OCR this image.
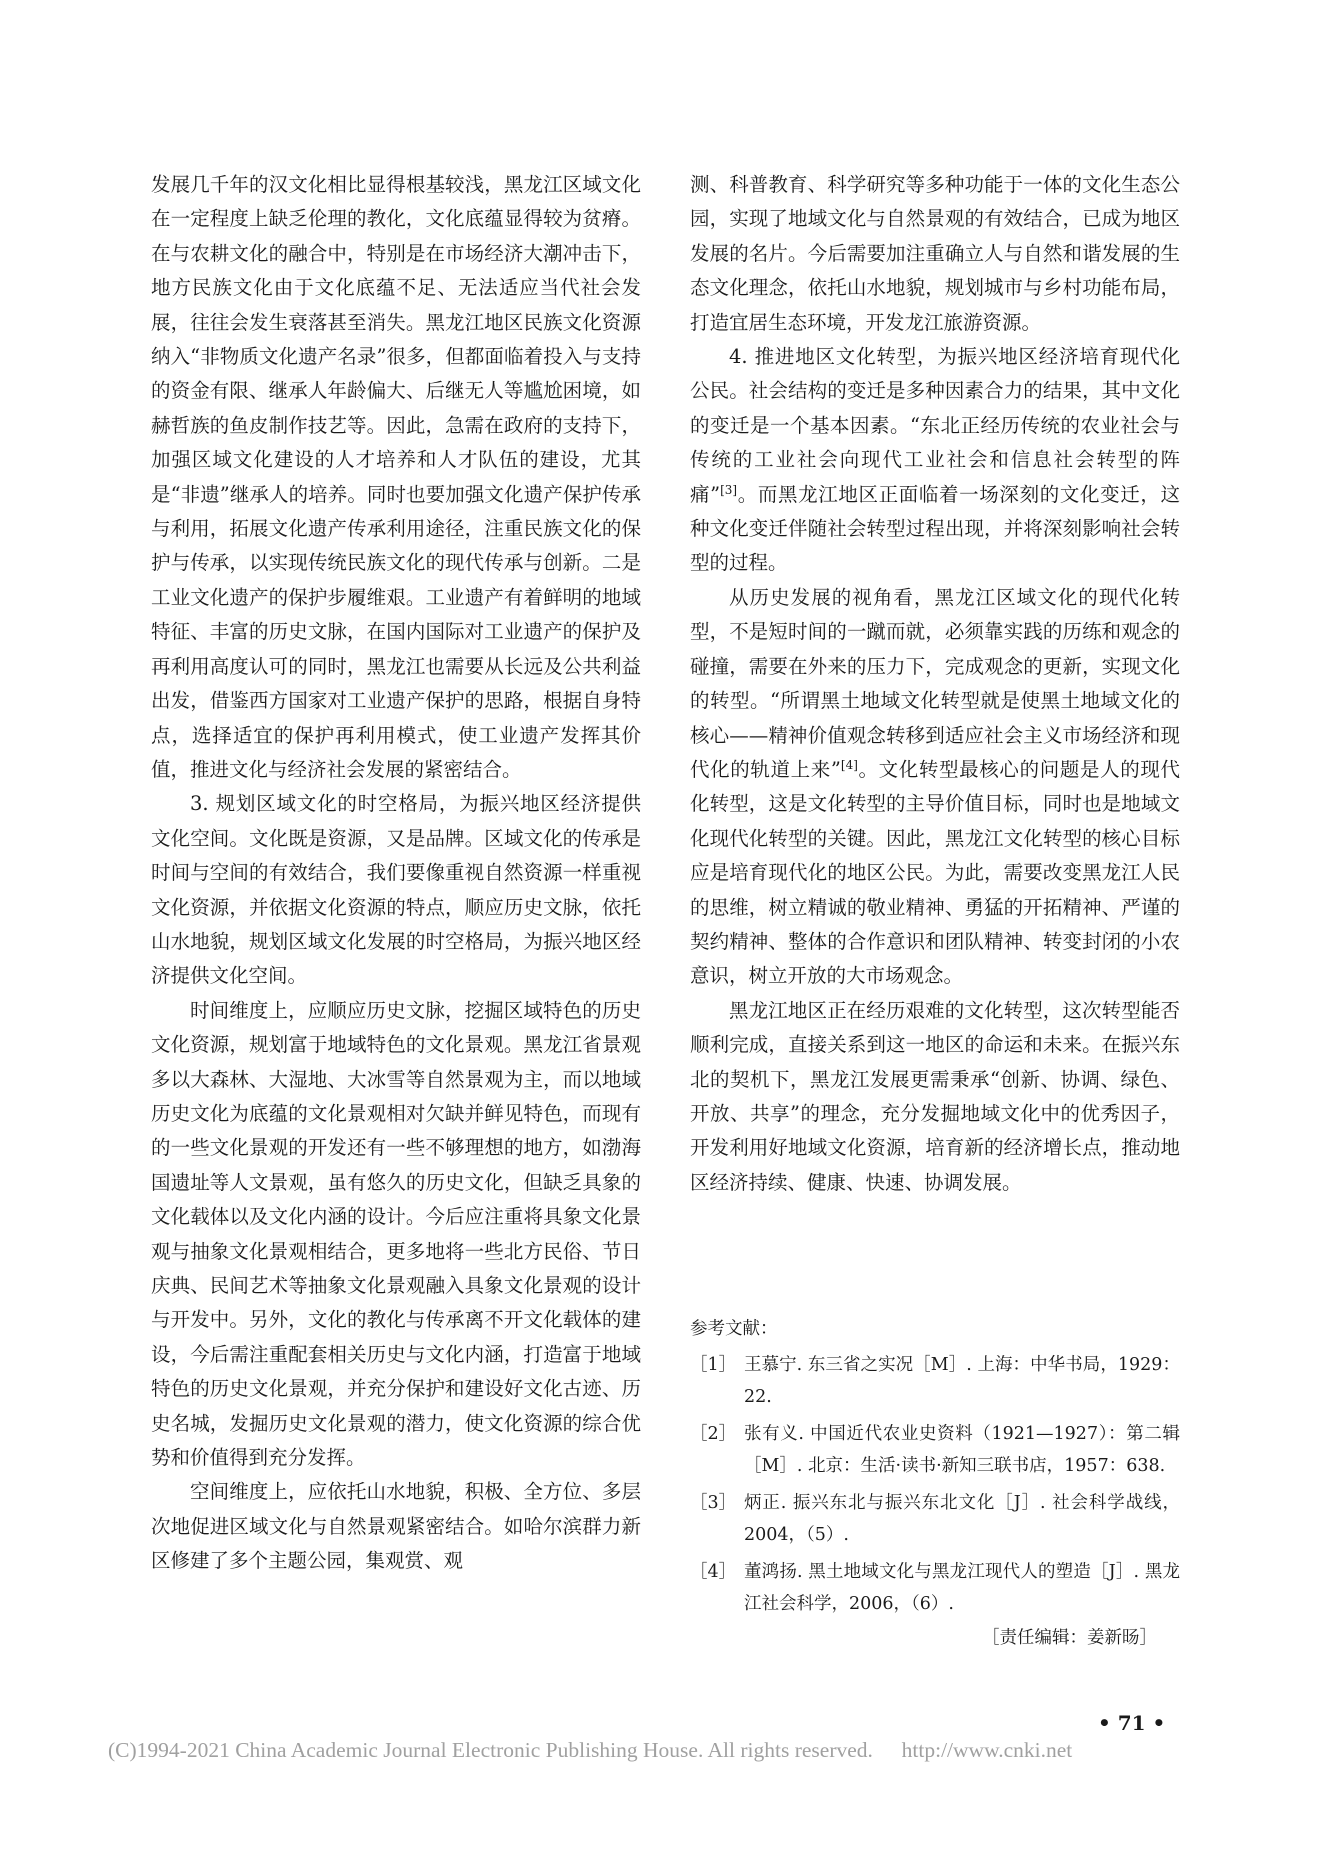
发展几千年的汉文化相比显得根基较浅，黑龙江区域文化在一定程度上缺乏伦理的教化，文化底蕴显得较为贫瘠。在与农耕文化的融合中，特别是在市场经济大潮冲击下，地方民族文化由于文化底蕴不足、无法适应当代社会发展，往往会发生衰落甚至消失。黑龙江地区民族文化资源纳入“非物质文化遗产名录”很多，但都面临着投入与支持的资金有限、继承人年龄偏大、后继无人等尴尬困境，如赫哲族的鱼皮制作技艺等。因此，急需在政府的支持下，加强区域文化建设的人才培养和人才队伍的建设，尤其是“非遗”继承人的培养。同时也要加强文化遗产保护传承与利用，拓展文化遗产传承利用途径，注重民族文化的保护与传承，以实现传统民族文化的现代传承与创新。二是工业文化遗产的保护步履维艰。工业遗产有着鲜明的地域特征、丰富的历史文脉，在国内国际对工业遗产的保护及再利用高度认可的同时，黑龙江也需要从长远及公共利益出发，借鉴西方国家对工业遗产保护的思路，根据自身特点，选择适宜的保护再利用模式，使工业遗产发挥其价值，推进文化与经济社会发展的紧密结合。

3. 规划区域文化的时空格局，为振兴地区经济提供文化空间。文化既是资源，又是品牌。区域文化的传承是时间与空间的有效结合，我们要像重视自然资源一样重视文化资源，并依据文化资源的特点，顺应历史文脉，依托山水地貌，规划区域文化发展的时空格局，为振兴地区经济提供文化空间。

时间维度上，应顺应历史文脉，挖掘区域特色的历史文化资源，规划富于地域特色的文化景观。黑龙江省景观多以大森林、大湿地、大冰雪等自然景观为主，而以地域历史文化为底蕴的文化景观相对欠缺并鲜见特色，而现有的一些文化景观的开发还有一些不够理想的地方，如渤海国遗址等人文景观，虽有悠久的历史文化，但缺乏具象的文化载体以及文化内涵的设计。今后应注重将具象文化景观与抽象文化景观相结合，更多地将一些北方民俗、节日庆典、民间艺术等抽象文化景观融入具象文化景观的设计与开发中。另外，文化的教化与传承离不开文化载体的建设，今后需注重配套相关历史与文化内涵，打造富于地域特色的历史文化景观，并充分保护和建设好文化古迹、历史名城，发掘历史文化景观的潜力，使文化资源的综合优势和价值得到充分发挥。

空间维度上，应依托山水地貌，积极、全方位、多层次地促进区域文化与自然景观紧密结合。如哈尔滨群力新区修建了多个主题公园，集观赏、观

测、科普教育、科学研究等多种功能于一体的文化生态公园，实现了地域文化与自然景观的有效结合，已成为地区发展的名片。今后需要加注重确立人与自然和谐发展的生态文化理念，依托山水地貌，规划城市与乡村功能布局，打造宜居生态环境，开发龙江旅游资源。

4. 推进地区文化转型，为振兴地区经济培育现代化公民。社会结构的变迁是多种因素合力的结果，其中文化的变迁是一个基本因素。“东北正经历传统的农业社会与传统的工业社会向现代工业社会和信息社会转型的阵痛”[3]。而黑龙江地区正面临着一场深刻的文化变迁，这种文化变迁伴随社会转型过程出现，并将深刻影响社会转型的过程。

从历史发展的视角看，黑龙江区域文化的现代化转型，不是短时间的一蹴而就，必须靠实践的历练和观念的碰撞，需要在外来的压力下，完成观念的更新，实现文化的转型。“所谓黑土地域文化转型就是使黑土地域文化的核心——精神价值观念转移到适应社会主义市场经济和现代化的轨道上来”[4]。文化转型最核心的问题是人的现代化转型，这是文化转型的主导价值目标，同时也是地域文化现代化转型的关键。因此，黑龙江文化转型的核心目标应是培育现代化的地区公民。为此，需要改变黑龙江人民的思维，树立精诚的敬业精神、勇猛的开拓精神、严谨的契约精神、整体的合作意识和团队精神、转变封闭的小农意识，树立开放的大市场观念。

黑龙江地区正在经历艰难的文化转型，这次转型能否顺利完成，直接关系到这一地区的命运和未来。在振兴东北的契机下，黑龙江发展更需秉承“创新、协调、绿色、开放、共享”的理念，充分发掘地域文化中的优秀因子，开发利用好地域文化资源，培育新的经济增长点，推动地区经济持续、健康、快速、协调发展。

参考文献：
［1］ 王慕宁. 东三省之实况［M］. 上海：中华书局，1929：22.
［2］ 张有义. 中国近代农业史资料（1921—1927）：第二辑［M］. 北京：生活·读书·新知三联书店，1957：638.
［3］ 炳正. 振兴东北与振兴东北文化［J］. 社会科学战线，2004，（5）.
［4］ 董鸿扬. 黑土地域文化与黑龙江现代人的塑造［J］. 黑龙江社会科学，2006，（6）.
［责任编辑：姜新旸］
• 71 •
(C)1994-2021 China Academic Journal Electronic Publishing House. All rights reserved. http://www.cnki.net
